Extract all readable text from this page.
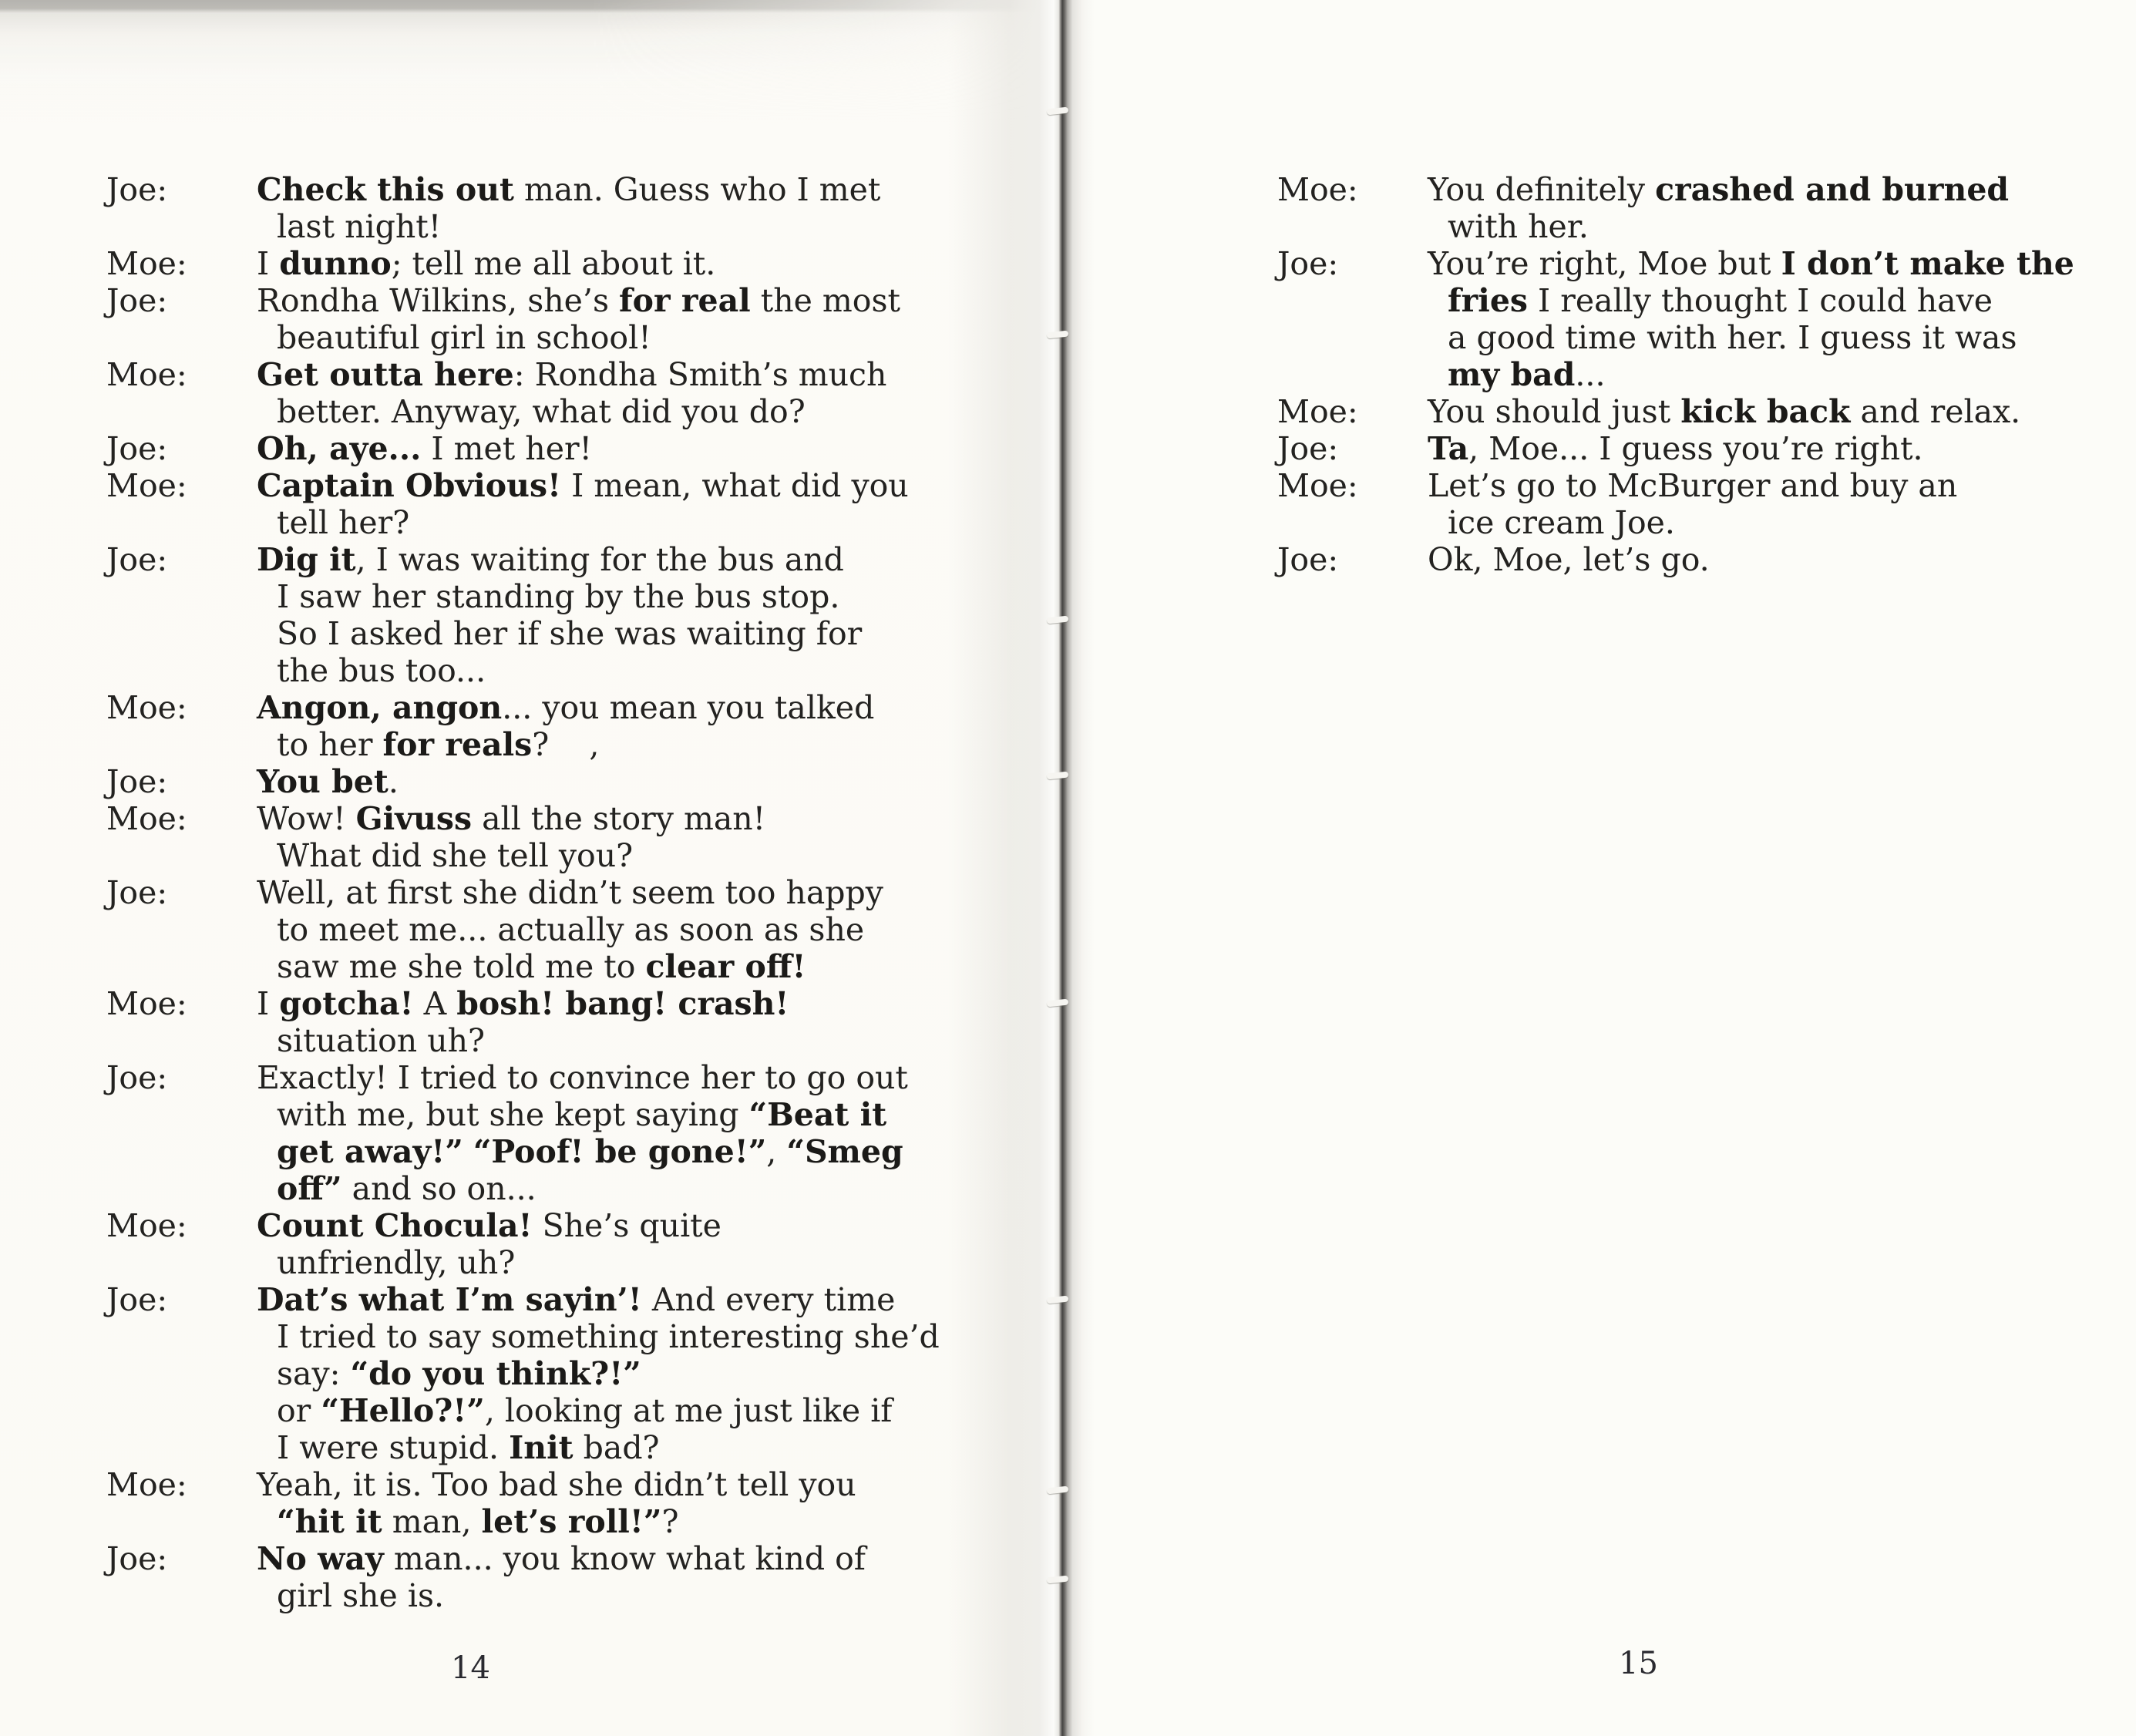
Joe:	Check this out man. Guess who I met
last night!
Moe:	I dunno; tell me all about it.
Joe:	Rondha Wilkins, she’s for real the most
beautiful girl in school!
Moe:	Get outta here: Rondha Smith’s much
better. Anyway, what did you do?
Joe:	Oh, aye... I met her!
Moe:	Captain Obvious! I mean, what did you
tell her?
Joe:	Dig it, I was waiting for the bus and
I saw her standing by the bus stop.
So I asked her if she was waiting for
the bus too...
Moe:	Angon, angon... you mean you talked
to her for reals?    ,
Joe:	You bet.
Moe:	Wow! Givuss all the story man!
What did she tell you?
Joe:	Well, at first she didn’t seem too happy
to meet me... actually as soon as she
saw me she told me to clear off!
Moe:	I gotcha! A bosh! bang! crash!
situation uh?
Joe:	Exactly! I tried to convince her to go out
with me, but she kept saying “Beat it
get away!” “Poof! be gone!”, “Smeg
off” and so on...
Moe:	Count Chocula! She’s quite
unfriendly, uh?
Joe:	Dat’s what I’m sayin’! And every time
I tried to say something interesting she’d
say: “do you think?!”
or “Hello?!”, looking at me just like if
I were stupid. Init bad?
Moe:	Yeah, it is. Too bad she didn’t tell you
“hit it man, let’s roll!”?
Joe:	No way man... you know what kind of
girl she is.
14
Moe:	You definitely crashed and burned
with her.
Joe:	You’re right, Moe but I don’t make the
fries I really thought I could have
a good time with her. I guess it was
my bad...
Moe:	You should just kick back and relax.
Joe:	Ta, Moe... I guess you’re right.
Moe:	Let’s go to McBurger and buy an
ice cream Joe.
Joe:	Ok, Moe, let’s go.
15
